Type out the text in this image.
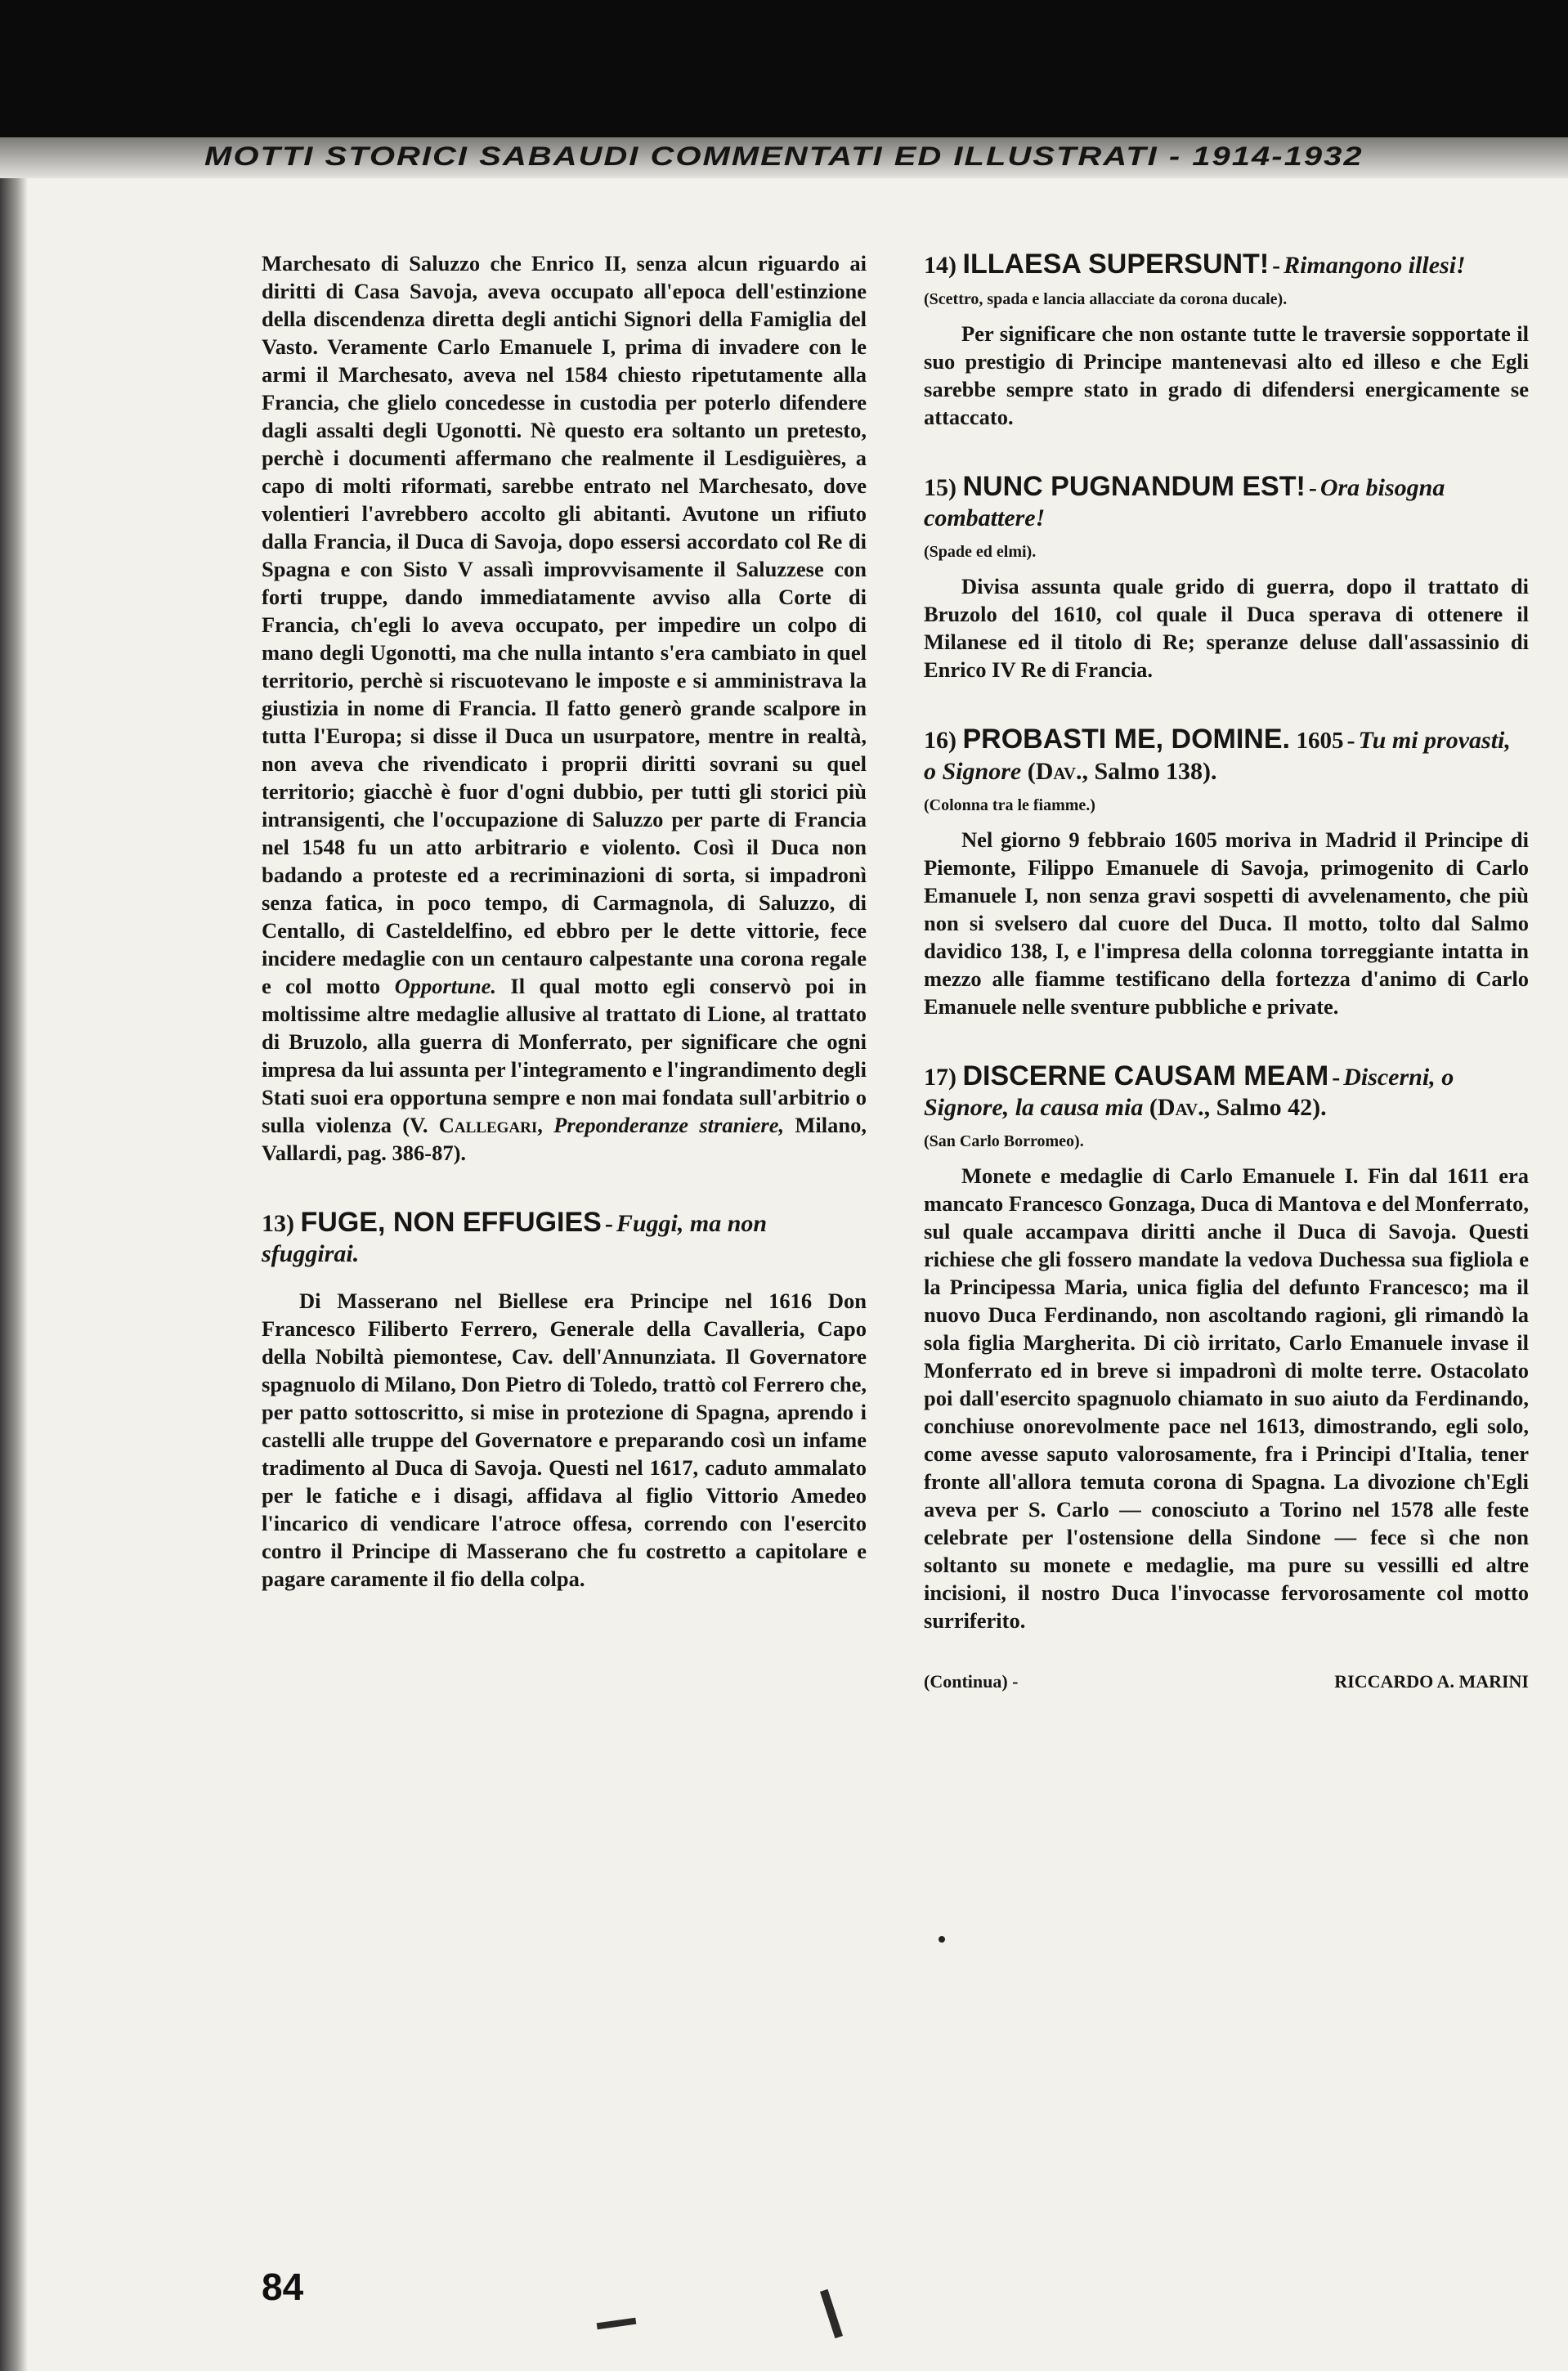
MOTTI STORICI SABAUDI COMMENTATI ED ILLUSTRATI - 1914-1932

Marchesato di Saluzzo che Enrico II, senza alcun riguardo ai diritti di Casa Savoja, aveva occupato all'epoca dell'estinzione della discendenza diretta degli antichi Signori della Famiglia del Vasto. Veramente Carlo Emanuele I, prima di invadere con le armi il Marchesato, aveva nel 1584 chiesto ripetutamente alla Francia, che glielo concedesse in custodia per poterlo difendere dagli assalti degli Ugonotti. Nè questo era soltanto un pretesto, perchè i documenti affermano che realmente il Lesdiguières, a capo di molti riformati, sarebbe entrato nel Marchesato, dove volentieri l'avrebbero accolto gli abitanti. Avutone un rifiuto dalla Francia, il Duca di Savoja, dopo essersi accordato col Re di Spagna e con Sisto V assalì improvvisamente il Saluzzese con forti truppe, dando immediatamente avviso alla Corte di Francia, ch'egli lo aveva occupato, per impedire un colpo di mano degli Ugonotti, ma che nulla intanto s'era cambiato in quel territorio, perchè si riscuotevano le imposte e si amministrava la giustizia in nome di Francia. Il fatto generò grande scalpore in tutta l'Europa; si disse il Duca un usurpatore, mentre in realtà, non aveva che rivendicato i proprii diritti sovrani su quel territorio; giacchè è fuor d'ogni dubbio, per tutti gli storici più intransigenti, che l'occupazione di Saluzzo per parte di Francia nel 1548 fu un atto arbitrario e violento. Così il Duca non badando a proteste ed a recriminazioni di sorta, si impadronì senza fatica, in poco tempo, di Carmagnola, di Saluzzo, di Centallo, di Casteldelfino, ed ebbro per le dette vittorie, fece incidere medaglie con un centauro calpestante una corona regale e col motto Opportune. Il qual motto egli conservò poi in moltissime altre medaglie allusive al trattato di Lione, al trattato di Bruzolo, alla guerra di Monferrato, per significare che ogni impresa da lui assunta per l'integramento e l'ingrandimento degli Stati suoi era opportuna sempre e non mai fondata sull'arbitrio o sulla violenza (V. Callegari, Preponderanze straniere, Milano, Vallardi, pag. 386-87).

13) FUGE, NON EFFUGIES - Fuggi, ma non sfuggirai.

Di Masserano nel Biellese era Principe nel 1616 Don Francesco Filiberto Ferrero, Generale della Cavalleria, Capo della Nobiltà piemontese, Cav. dell'Annunziata. Il Governatore spagnuolo di Milano, Don Pietro di Toledo, trattò col Ferrero che, per patto sottoscritto, si mise in protezione di Spagna, aprendo i castelli alle truppe del Governatore e preparando così un infame tradimento al Duca di Savoja. Questi nel 1617, caduto ammalato per le fatiche e i disagi, affidava al figlio Vittorio Amedeo l'incarico di vendicare l'atroce offesa, correndo con l'esercito contro il Principe di Masserano che fu costretto a capitolare e pagare caramente il fio della colpa.

14) ILLAESA SUPERSUNT! - Rimangono illesi!

(Scettro, spada e lancia allacciate da corona ducale).

Per significare che non ostante tutte le traversie sopportate il suo prestigio di Principe mantenevasi alto ed illeso e che Egli sarebbe sempre stato in grado di difendersi energicamente se attaccato.

15) NUNC PUGNANDUM EST! - Ora bisogna combattere!

(Spade ed elmi).

Divisa assunta quale grido di guerra, dopo il trattato di Bruzolo del 1610, col quale il Duca sperava di ottenere il Milanese ed il titolo di Re; speranze deluse dall'assassinio di Enrico IV Re di Francia.

16) PROBASTI ME, DOMINE. 1605 - Tu mi provasti, o Signore (Dav., Salmo 138).

(Colonna tra le fiamme.)

Nel giorno 9 febbraio 1605 moriva in Madrid il Principe di Piemonte, Filippo Emanuele di Savoja, primogenito di Carlo Emanuele I, non senza gravi sospetti di avvelenamento, che più non si svelsero dal cuore del Duca. Il motto, tolto dal Salmo davidico 138, I, e l'impresa della colonna torreggiante intatta in mezzo alle fiamme testificano della fortezza d'animo di Carlo Emanuele nelle sventure pubbliche e private.

17) DISCERNE CAUSAM MEAM - Discerni, o Signore, la causa mia (Dav., Salmo 42).

(San Carlo Borromeo).

Monete e medaglie di Carlo Emanuele I. Fin dal 1611 era mancato Francesco Gonzaga, Duca di Mantova e del Monferrato, sul quale accampava diritti anche il Duca di Savoja. Questi richiese che gli fossero mandate la vedova Duchessa sua figliola e la Principessa Maria, unica figlia del defunto Francesco; ma il nuovo Duca Ferdinando, non ascoltando ragioni, gli rimandò la sola figlia Margherita. Di ciò irritato, Carlo Emanuele invase il Monferrato ed in breve si impadronì di molte terre. Ostacolato poi dall'esercito spagnuolo chiamato in suo aiuto da Ferdinando, conchiuse onorevolmente pace nel 1613, dimostrando, egli solo, come avesse saputo valorosamente, fra i Principi d'Italia, tener fronte all'allora temuta corona di Spagna. La divozione ch'Egli aveva per S. Carlo — conosciuto a Torino nel 1578 alle feste celebrate per l'ostensione della Sindone — fece sì che non soltanto su monete e medaglie, ma pure su vessilli ed altre incisioni, il nostro Duca l'invocasse fervorosamente col motto surriferito.

(Continua) -	RICCARDO A. MARINI
84
